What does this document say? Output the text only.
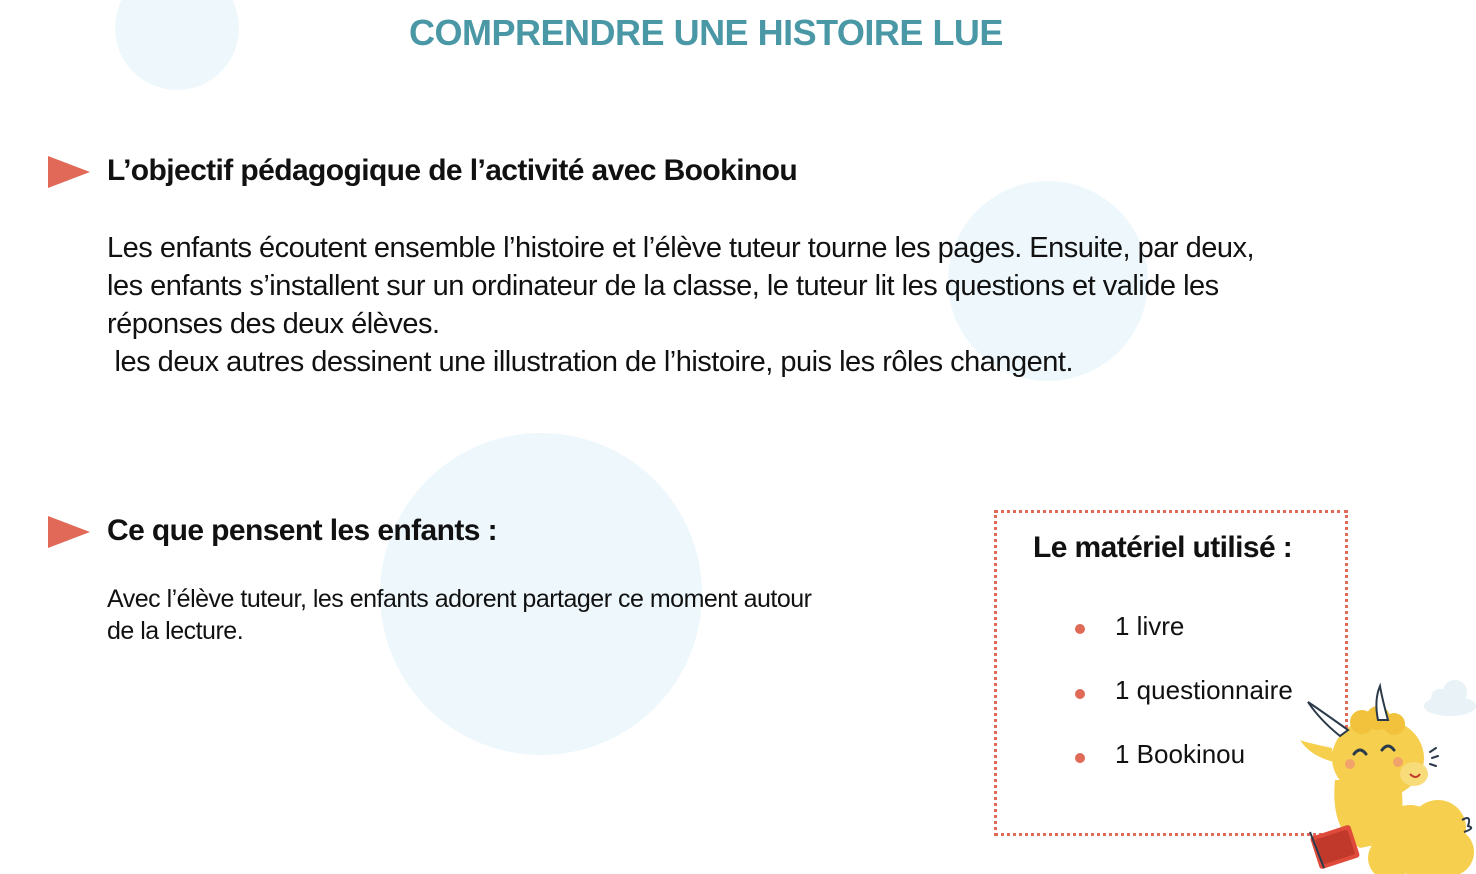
COMPRENDRE UNE HISTOIRE LUE
L’objectif pédagogique de l’activité avec Bookinou
Les enfants écoutent ensemble l’histoire et l’élève tuteur tourne les pages. Ensuite, par deux,
les enfants s’installent sur un ordinateur de la classe, le tuteur lit les questions et valide les
réponses des deux élèves.
les deux autres dessinent une illustration de l’histoire, puis les rôles changent.
Ce que pensent les enfants :
Avec l’élève tuteur, les enfants adorent partager ce moment autour
de la lecture.
Le matériel utilisé :
1 livre
1 questionnaire
1 Bookinou
